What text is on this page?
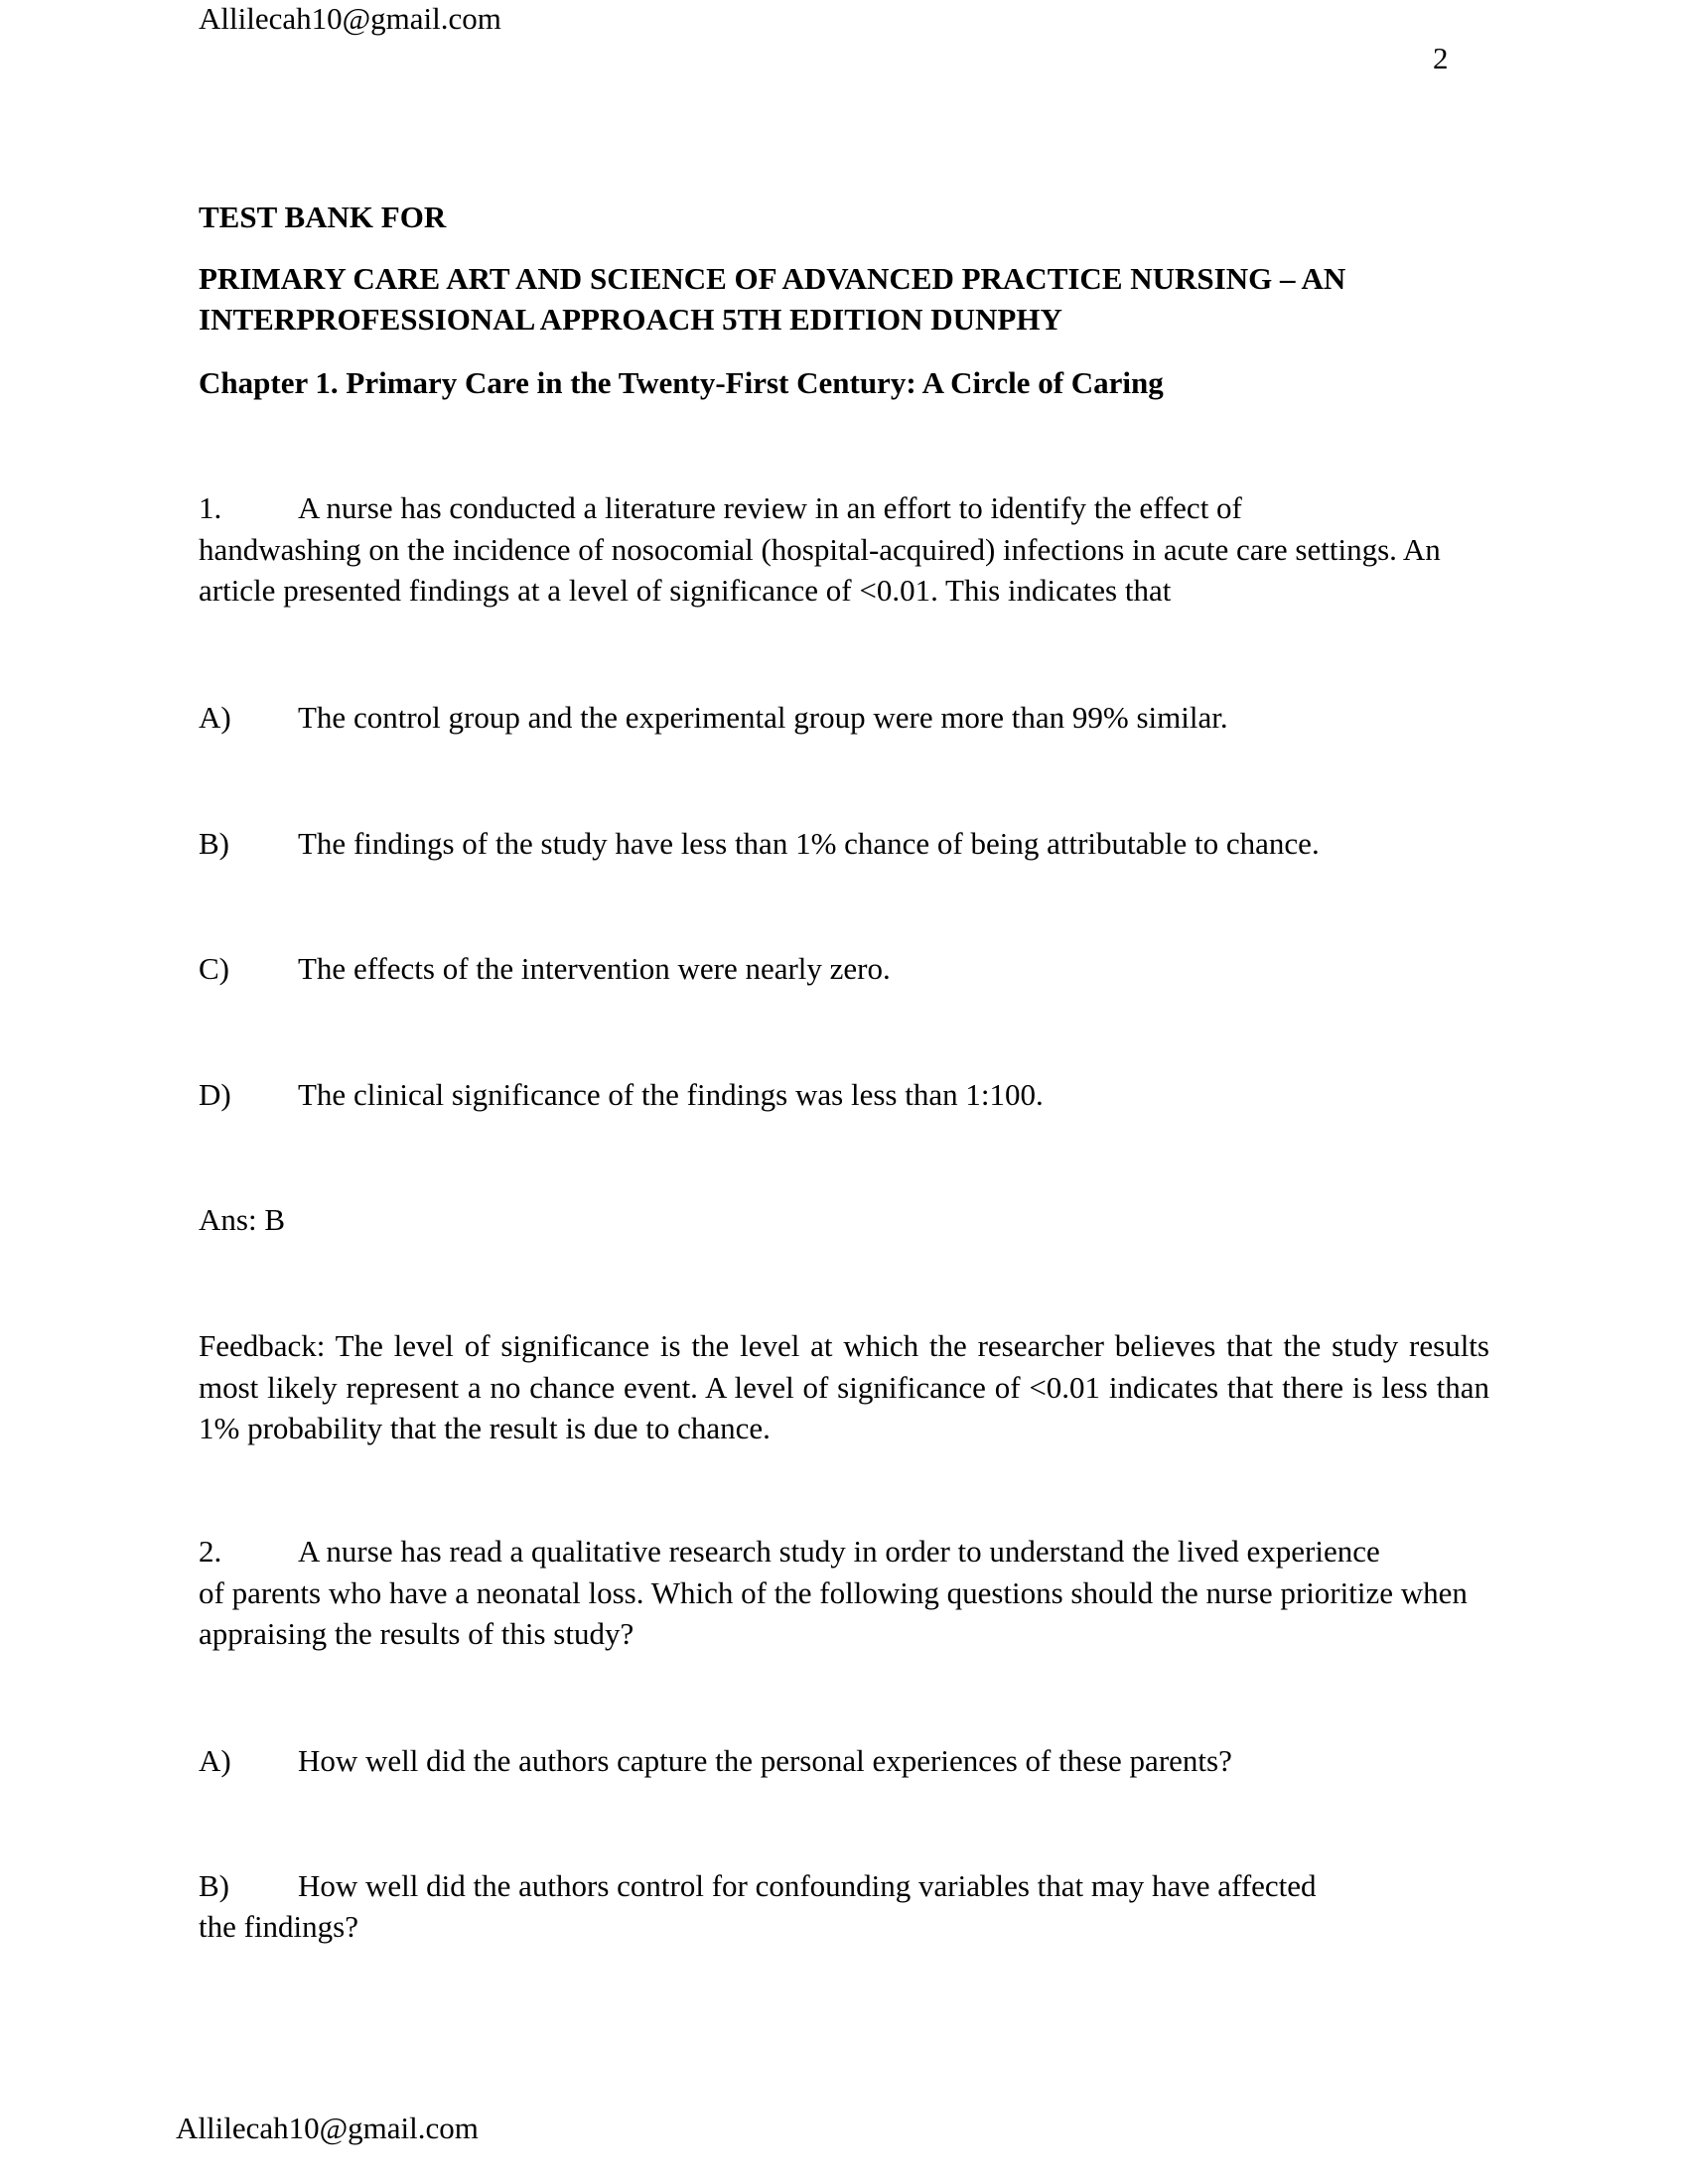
Allilecah10@gmail.com
2
TEST BANK FOR
PRIMARY CARE ART AND SCIENCE OF ADVANCED PRACTICE NURSING – AN
INTERPROFESSIONAL APPROACH 5TH EDITION DUNPHY
Chapter 1. Primary Care in the Twenty-First Century: A Circle of Caring
1. A nurse has conducted a literature review in an effort to identify the effect of
handwashing on the incidence of nosocomial (hospital-acquired) infections in acute care settings. An article presented findings at a level of significance of <0.01. This indicates that
A) The control group and the experimental group were more than 99% similar.
B) The findings of the study have less than 1% chance of being attributable to chance.
C) The effects of the intervention were nearly zero.
D) The clinical significance of the findings was less than 1:100.
Ans: B
Feedback: The level of significance is the level at which the researcher believes that the study results most likely represent a no chance event. A level of significance of <0.01 indicates that there is less than 1% probability that the result is due to chance.
2. A nurse has read a qualitative research study in order to understand the lived experience
of parents who have a neonatal loss. Which of the following questions should the nurse prioritize when appraising the results of this study?
A) How well did the authors capture the personal experiences of these parents?
B) How well did the authors control for confounding variables that may have affected
the findings?
Allilecah10@gmail.com
